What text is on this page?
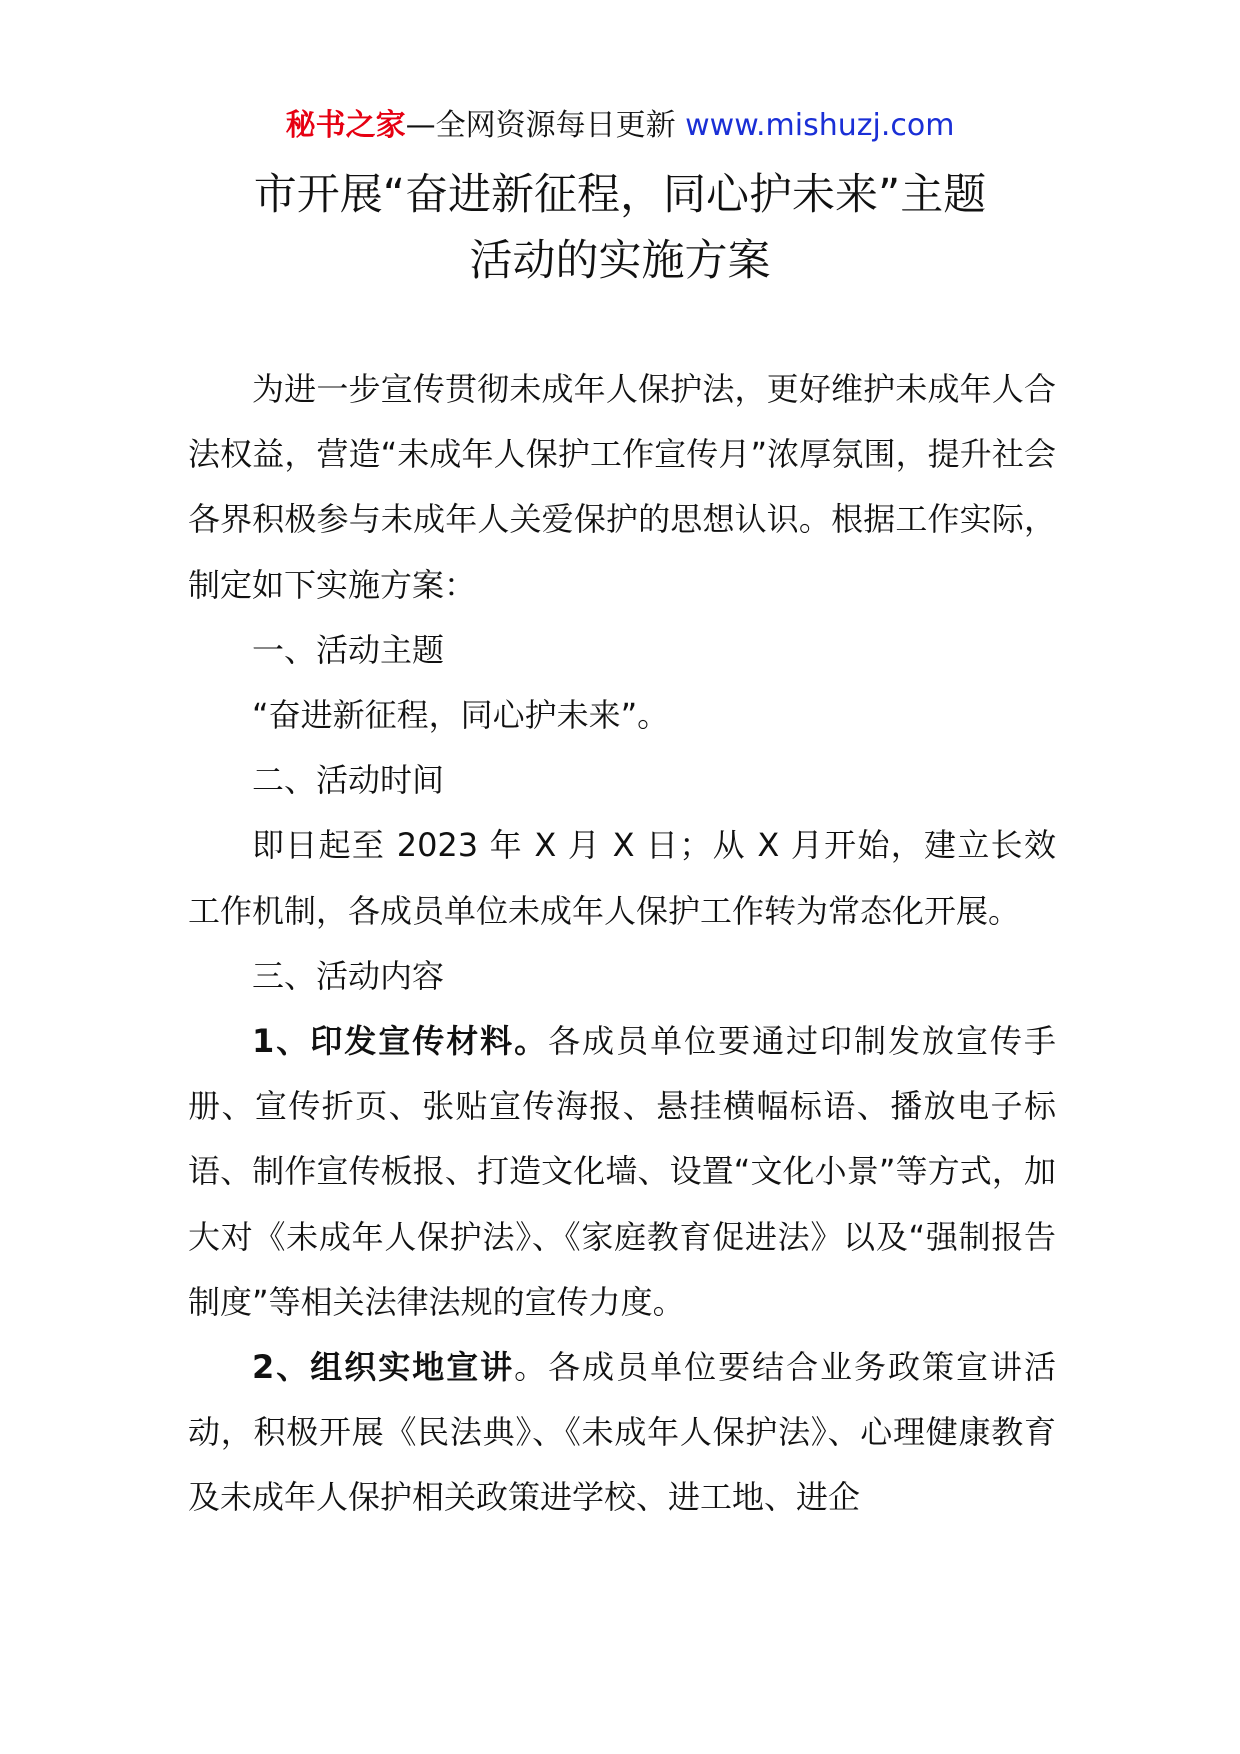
秘书之家—全网资源每日更新 www.mishuzj.com
市开展“奋进新征程，同心护未来”主题
活动的实施方案

为进一步宣传贯彻未成年人保护法，更好维护未成年人合法权益，营造“未成年人保护工作宣传月”浓厚氛围，提升社会各界积极参与未成年人关爱保护的思想认识。根据工作实际，制定如下实施方案：

一、活动主题

“奋进新征程，同心护未来”。

二、活动时间

即日起至 2023 年 X 月 X 日；从 X 月开始，建立长效工作机制，各成员单位未成年人保护工作转为常态化开展。

三、活动内容

1、印发宣传材料。各成员单位要通过印制发放宣传手册、宣传折页、张贴宣传海报、悬挂横幅标语、播放电子标语、制作宣传板报、打造文化墙、设置“文化小景”等方式，加大对《未成年人保护法》、《家庭教育促进法》以及“强制报告制度”等相关法律法规的宣传力度。

2、组织实地宣讲。各成员单位要结合业务政策宣讲活动，积极开展《民法典》、《未成年人保护法》、心理健康教育及未成年人保护相关政策进学校、进工地、进企
